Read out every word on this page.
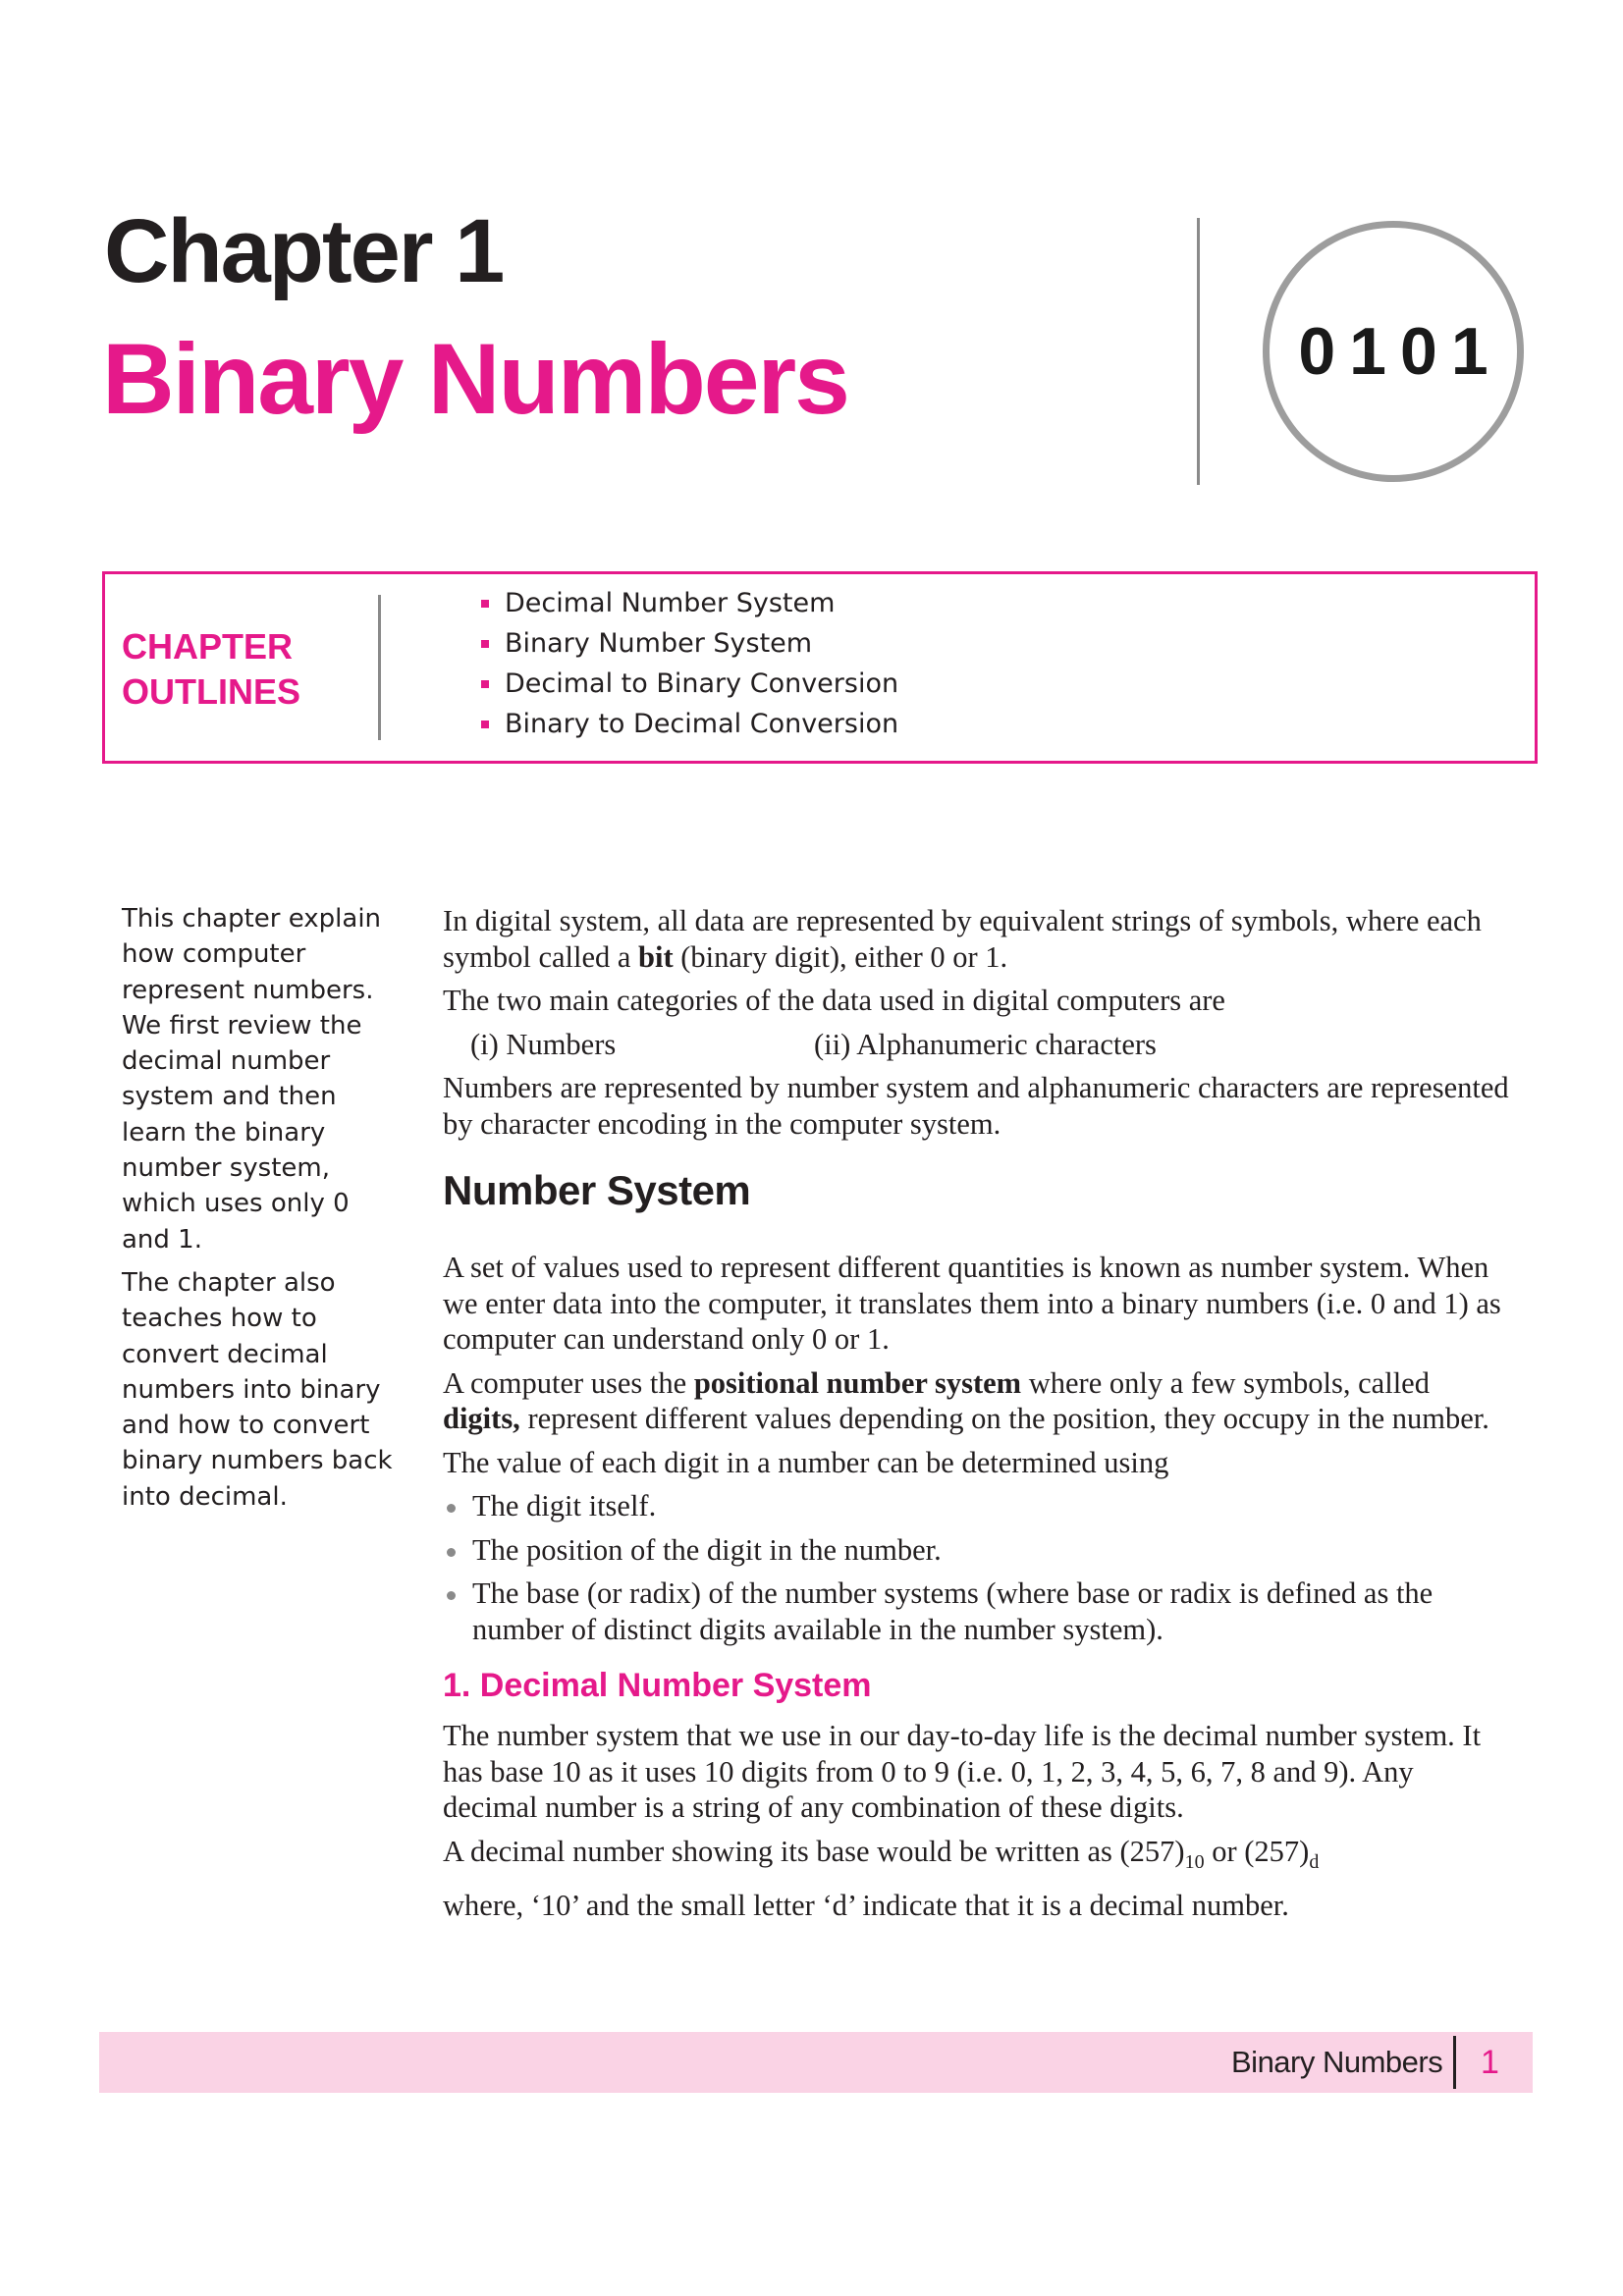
Chapter 1
Binary Numbers	0101
CHAPTER
OUTLINES
Decimal Number System
Binary Number System
Decimal to Binary Conversion
Binary to Decimal Conversion

This chapter explain how computer represent numbers. We first review the decimal number system and then learn the binary number system, which uses only 0 and 1.

The chapter also teaches how to convert decimal numbers into binary and how to convert binary numbers back into decimal.

In digital system, all data are represented by equivalent strings of symbols, where each symbol called a bit (binary digit), either 0 or 1.

The two main categories of the data used in digital computers are

(i) Numbers	(ii) Alphanumeric characters

Numbers are represented by number system and alphanumeric characters are represented by character encoding in the computer system.

Number System

A set of values used to represent different quantities is known as number system. When we enter data into the computer, it translates them into a binary numbers (i.e. 0 and 1) as computer can understand only 0 or 1.

A computer uses the positional number system where only a few symbols, called digits, represent different values depending on the position, they occupy in the number.

The value of each digit in a number can be determined using

The digit itself.
The position of the digit in the number.
The base (or radix) of the number systems (where base or radix is defined as the number of distinct digits available in the number system).
1. Decimal Number System

The number system that we use in our day-to-day life is the decimal number system. It has base 10 as it uses 10 digits from 0 to 9 (i.e. 0, 1, 2, 3, 4, 5, 6, 7, 8 and 9). Any decimal number is a string of any combination of these digits.

A decimal number showing its base would be written as $(257)_{10}$ or $(257)_d$

where, ‘10’ and the small letter ‘d’ indicate that it is a decimal number.

Binary Numbers 1
